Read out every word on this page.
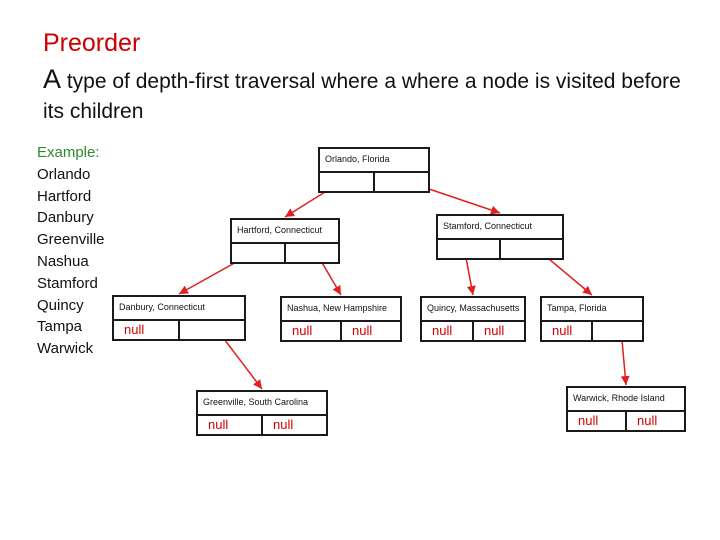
Preorder
A type of depth-first traversal where a where a node is visited before its children
Example:
Orlando
Hartford
Danbury
Greenville
Nashua
Stamford
Quincy
Tampa
Warwick
Orlando, Florida
Hartford, Connecticut	Stamford, Connecticut
Danbury, Connecticut
null
Nashua, New Hampshire
null	null
Quincy, Massachusetts
null	null
Tampa, Florida
null
Greenville, South Carolina
null	null
Warwick, Rhode Island
null	null
